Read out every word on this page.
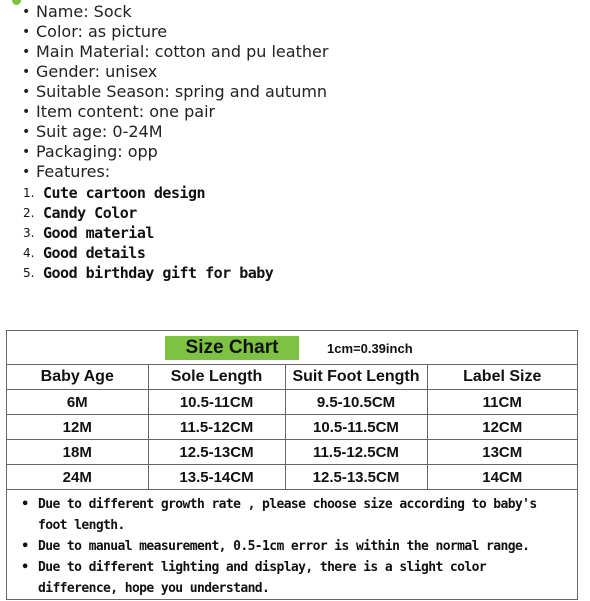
• Name: Sock
• Color: as picture
• Main Material: cotton and pu leather
• Gender: unisex
• Suitable Season: spring and autumn
• Item content: one pair
• Suit age: 0-24M
• Packaging: opp
• Features:
1. Cute cartoon design
2. Candy Color
3. Good material
4. Good details
5. Good birthday gift for baby
Size Chart	1cm=0.39inch
Baby Age	Sole Length	Suit Foot Length	Label Size
6M	10.5-11CM	9.5-10.5CM	11CM
12M	11.5-12CM	10.5-11.5CM	12CM
18M	12.5-13CM	11.5-12.5CM	13CM
24M	13.5-14CM	12.5-13.5CM	14CM
• Due to different growth rate , please choose size according to baby's foot length.
• Due to manual measurement, 0.5-1cm error is within the normal range.
• Due to different lighting and display, there is a slight color difference, hope you understand.
